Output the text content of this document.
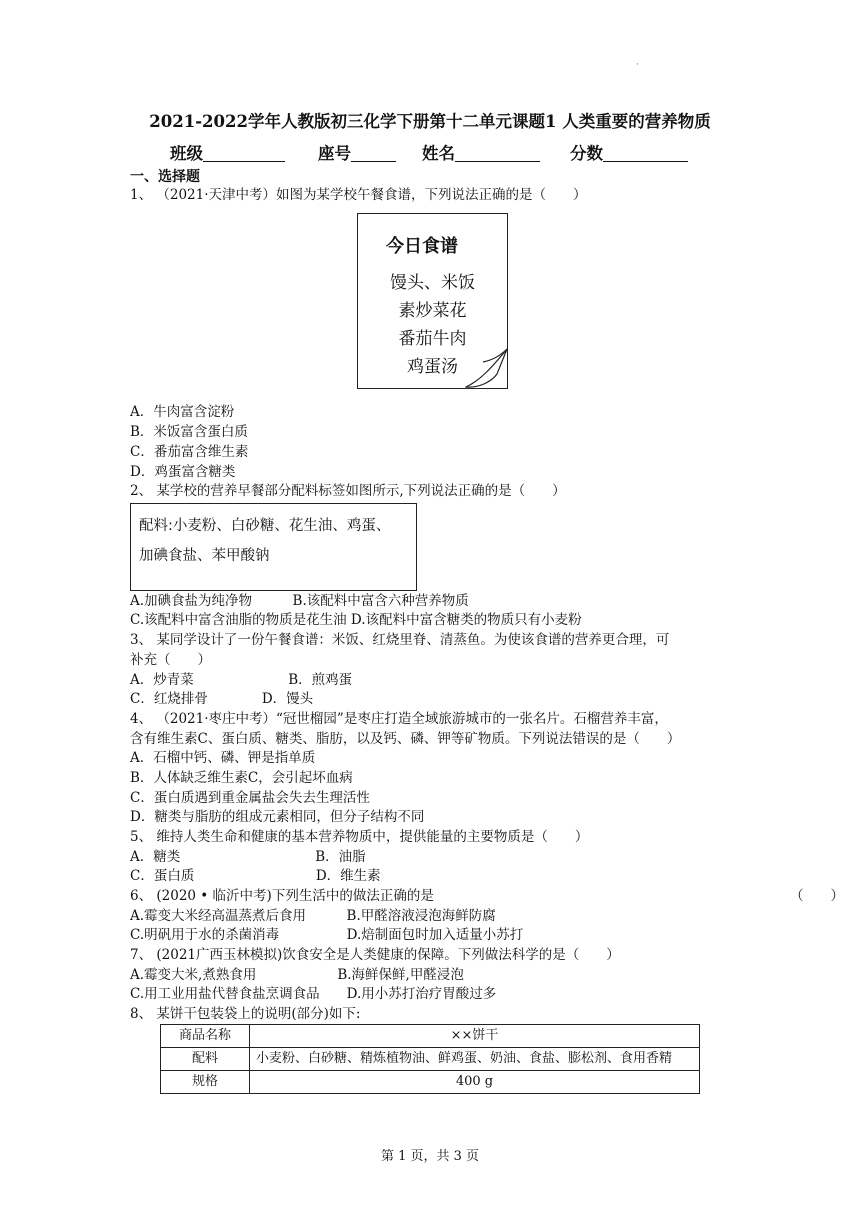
·
2021-2022学年人教版初三化学下册第十二单元课题1 人类重要的营养物质
班级	座号	姓名	分数
一、选择题
1、 （2021·天津中考）如图为某学校午餐食谱，下列说法正确的是（　　）
今日食谱
馒头、米饭
素炒菜花
番茄牛肉
鸡蛋汤
A．牛肉富含淀粉
B．米饭富含蛋白质
C．番茄富含维生素
D．鸡蛋富含糖类
2、 某学校的营养早餐部分配料标签如图所示,下列说法正确的是（　　）
配料:小麦粉、白砂糖、花生油、鸡蛋、
加碘食盐、苯甲酸钠
A.加碘食盐为纯净物　　　B.该配料中富含六种营养物质
C.该配料中富含油脂的物质是花生油 D.该配料中富含糖类的物质只有小麦粉
3、 某同学设计了一份午餐食谱：米饭、红烧里脊、清蒸鱼。为使该食谱的营养更合理，可
补充（　　）
A．炒青菜　　　　　　　B．煎鸡蛋
C．红烧排骨　　　　D．馒头
4、 （2021·枣庄中考）“冠世榴园”是枣庄打造全域旅游城市的一张名片。石榴营养丰富，
含有维生素C、蛋白质、糖类、脂肪，以及钙、磷、钾等矿物质。下列说法错误的是（　　）
A．石榴中钙、磷、钾是指单质
B．人体缺乏维生素C，会引起坏血病
C．蛋白质遇到重金属盐会失去生理活性
D．糖类与脂肪的组成元素相同，但分子结构不同
5、 维持人类生命和健康的基本营养物质中，提供能量的主要物质是（　　）
A．糖类　　　　　　　　　　B．油脂
C．蛋白质　　　　　　　　　D．维生素
6、 (2020 • 临沂中考)下列生活中的做法正确的是	（　　）
A.霉变大米经高温蒸煮后食用　　　B.甲醛溶液浸泡海鲜防腐
C.明矾用于水的杀菌消毒　　　　　D.焙制面包时加入适量小苏打
7、 (2021广西玉林模拟)饮食安全是人类健康的保障。下列做法科学的是（　　）
A.霉变大米,煮熟食用　　　　　　B.海鲜保鲜,甲醛浸泡
C.用工业用盐代替食盐烹调食品　　D.用小苏打治疗胃酸过多
8、 某饼干包装袋上的说明(部分)如下:
商品名称	××饼干
配料	小麦粉、白砂糖、精炼植物油、鲜鸡蛋、奶油、食盐、膨松剂、食用香精
规格	400 g
第 1 页，共 3 页
